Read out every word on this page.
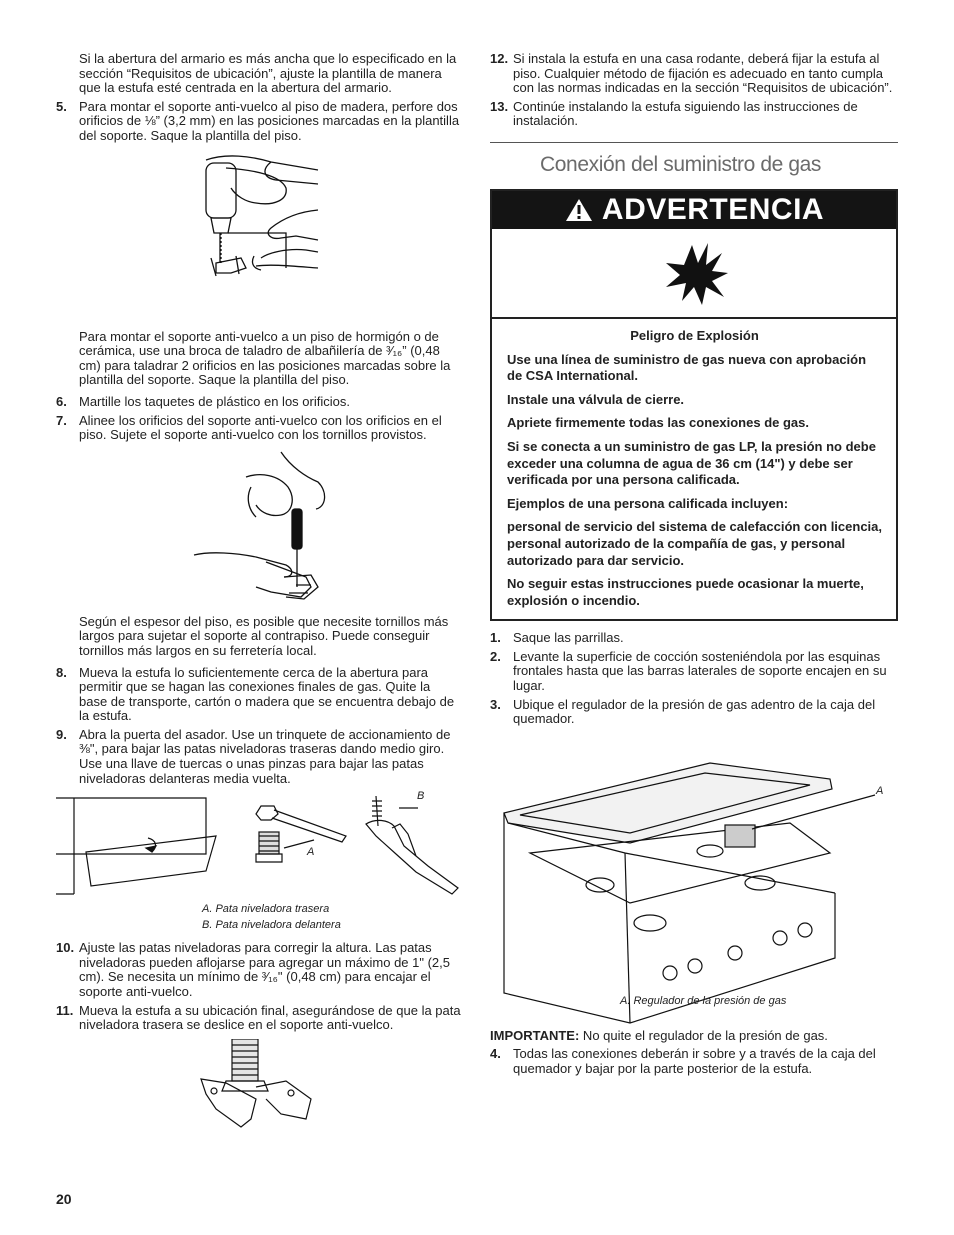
Si la abertura del armario es más ancha que lo especificado en la sección “Requisitos de ubicación”, ajuste la plantilla de manera que la estufa esté centrada en la abertura del armario.

5. Para montar el soporte anti-vuelco al piso de madera, perfore dos orificios de ⅛” (3,2 mm) en las posiciones marcadas en la plantilla del soporte. Saque la plantilla del piso.

Para montar el soporte anti-vuelco a un piso de hormigón o de cerámica, use una broca de taladro de albañilería de ³⁄₁₆” (0,48 cm) para taladrar 2 orificios en las posiciones marcadas sobre la plantilla del soporte. Saque la plantilla del piso.

6. Martille los taquetes de plástico en los orificios.

7. Alinee los orificios del soporte anti-vuelco con los orificios en el piso. Sujete el soporte anti-vuelco con los tornillos provistos.

Según el espesor del piso, es posible que necesite tornillos más largos para sujetar el soporte al contrapiso. Puede conseguir tornillos más largos en su ferretería local.

8. Mueva la estufa lo suficientemente cerca de la abertura para permitir que se hagan las conexiones finales de gas. Quite la base de transporte, cartón o madera que se encuentra debajo de la estufa.

9. Abra la puerta del asador. Use un trinquete de accionamiento de ⅜", para bajar las patas niveladoras traseras dando medio giro. Use una llave de tuercas o unas pinzas para bajar las patas niveladoras delanteras media vuelta.

B
A

A. Pata niveladora trasera

B. Pata niveladora delantera

10. Ajuste las patas niveladoras para corregir la altura. Las patas niveladoras pueden aflojarse para agregar un máximo de 1" (2,5 cm). Se necesita un mínimo de ³⁄₁₆" (0,48 cm) para encajar el soporte anti-vuelco.

11. Mueva la estufa a su ubicación final, asegurándose de que la pata niveladora trasera se deslice en el soporte anti-vuelco.

12. Si instala la estufa en una casa rodante, deberá fijar la estufa al piso. Cualquier método de fijación es adecuado en tanto cumpla con las normas indicadas en la sección “Requisitos de ubicación”.

13. Continúe instalando la estufa siguiendo las instrucciones de instalación.

Conexión del suministro de gas
ADVERTENCIA

Peligro de Explosión

Use una línea de suministro de gas nueva con aprobación de CSA International.

Instale una válvula de cierre.

Apriete firmemente todas las conexiones de gas.

Si se conecta a un suministro de gas LP, la presión no debe exceder una columna de agua de 36 cm (14") y debe ser verificada por una persona calificada.

Ejemplos de una persona calificada incluyen:

personal de servicio del sistema de calefacción con licencia,

personal autorizado de la compañía de gas, y personal autorizado para dar servicio.

No seguir estas instrucciones puede ocasionar la muerte, explosión o incendio.

1. Saque las parrillas.

2. Levante la superficie de cocción sosteniéndola por las esquinas frontales hasta que las barras laterales de soporte encajen en su lugar.

3. Ubique el regulador de la presión de gas adentro de la caja del quemador.

A

A. Regulador de la presión de gas

IMPORTANTE: No quite el regulador de la presión de gas.

4. Todas las conexiones deberán ir sobre y a través de la caja del quemador y bajar por la parte posterior de la estufa.

20
